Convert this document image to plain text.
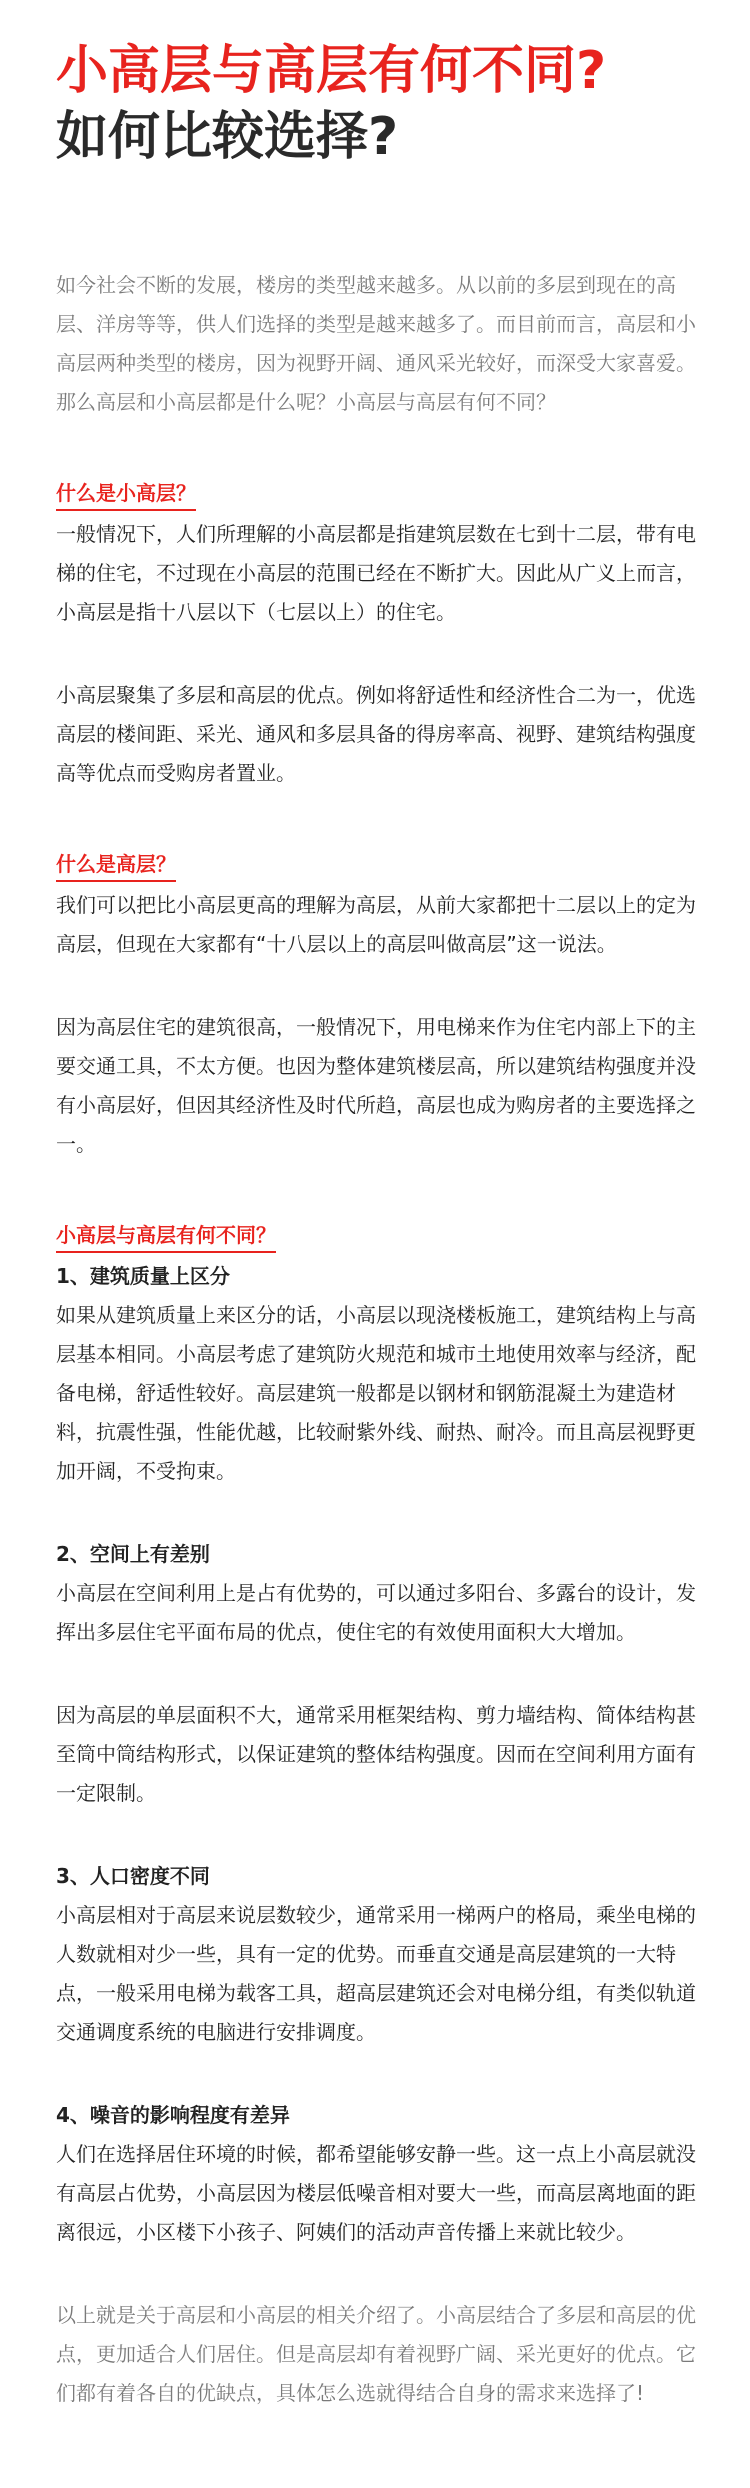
小高层与高层有何不同?
如何比较选择?

如今社会不断的发展，楼房的类型越来越多。从以前的多层到现在的高层、洋房等等，供人们选择的类型是越来越多了。而目前而言，高层和小高层两种类型的楼房，因为视野开阔、通风采光较好，而深受大家喜爱。那么高层和小高层都是什么呢？小高层与高层有何不同？

什么是小高层？

一般情况下，人们所理解的小高层都是指建筑层数在七到十二层，带有电梯的住宅，不过现在小高层的范围已经在不断扩大。因此从广义上而言，小高层是指十八层以下（七层以上）的住宅。

小高层聚集了多层和高层的优点。例如将舒适性和经济性合二为一，优选高层的楼间距、采光、通风和多层具备的得房率高、视野、建筑结构强度高等优点而受购房者置业。

什么是高层？

我们可以把比小高层更高的理解为高层，从前大家都把十二层以上的定为高层，但现在大家都有“十八层以上的高层叫做高层”这一说法。

因为高层住宅的建筑很高，一般情况下，用电梯来作为住宅内部上下的主要交通工具，不太方便。也因为整体建筑楼层高，所以建筑结构强度并没有小高层好，但因其经济性及时代所趋，高层也成为购房者的主要选择之一。

小高层与高层有何不同？

1、建筑质量上区分

如果从建筑质量上来区分的话，小高层以现浇楼板施工，建筑结构上与高层基本相同。小高层考虑了建筑防火规范和城市土地使用效率与经济，配备电梯，舒适性较好。高层建筑一般都是以钢材和钢筋混凝土为建造材料，抗震性强，性能优越，比较耐紫外线、耐热、耐冷。而且高层视野更加开阔，不受拘束。

2、空间上有差别

小高层在空间利用上是占有优势的，可以通过多阳台、多露台的设计，发挥出多层住宅平面布局的优点，使住宅的有效使用面积大大增加。

因为高层的单层面积不大，通常采用框架结构、剪力墙结构、简体结构甚至筒中筒结构形式，以保证建筑的整体结构强度。因而在空间利用方面有一定限制。

3、人口密度不同

小高层相对于高层来说层数较少，通常采用一梯两户的格局，乘坐电梯的人数就相对少一些，具有一定的优势。而垂直交通是高层建筑的一大特点，一般采用电梯为载客工具，超高层建筑还会对电梯分组，有类似轨道交通调度系统的电脑进行安排调度。

4、噪音的影响程度有差异

人们在选择居住环境的时候，都希望能够安静一些。这一点上小高层就没有高层占优势，小高层因为楼层低噪音相对要大一些，而高层离地面的距离很远，小区楼下小孩子、阿姨们的活动声音传播上来就比较少。

以上就是关于高层和小高层的相关介绍了。小高层结合了多层和高层的优点，更加适合人们居住。但是高层却有着视野广阔、采光更好的优点。它们都有着各自的优缺点，具体怎么选就得结合自身的需求来选择了!
